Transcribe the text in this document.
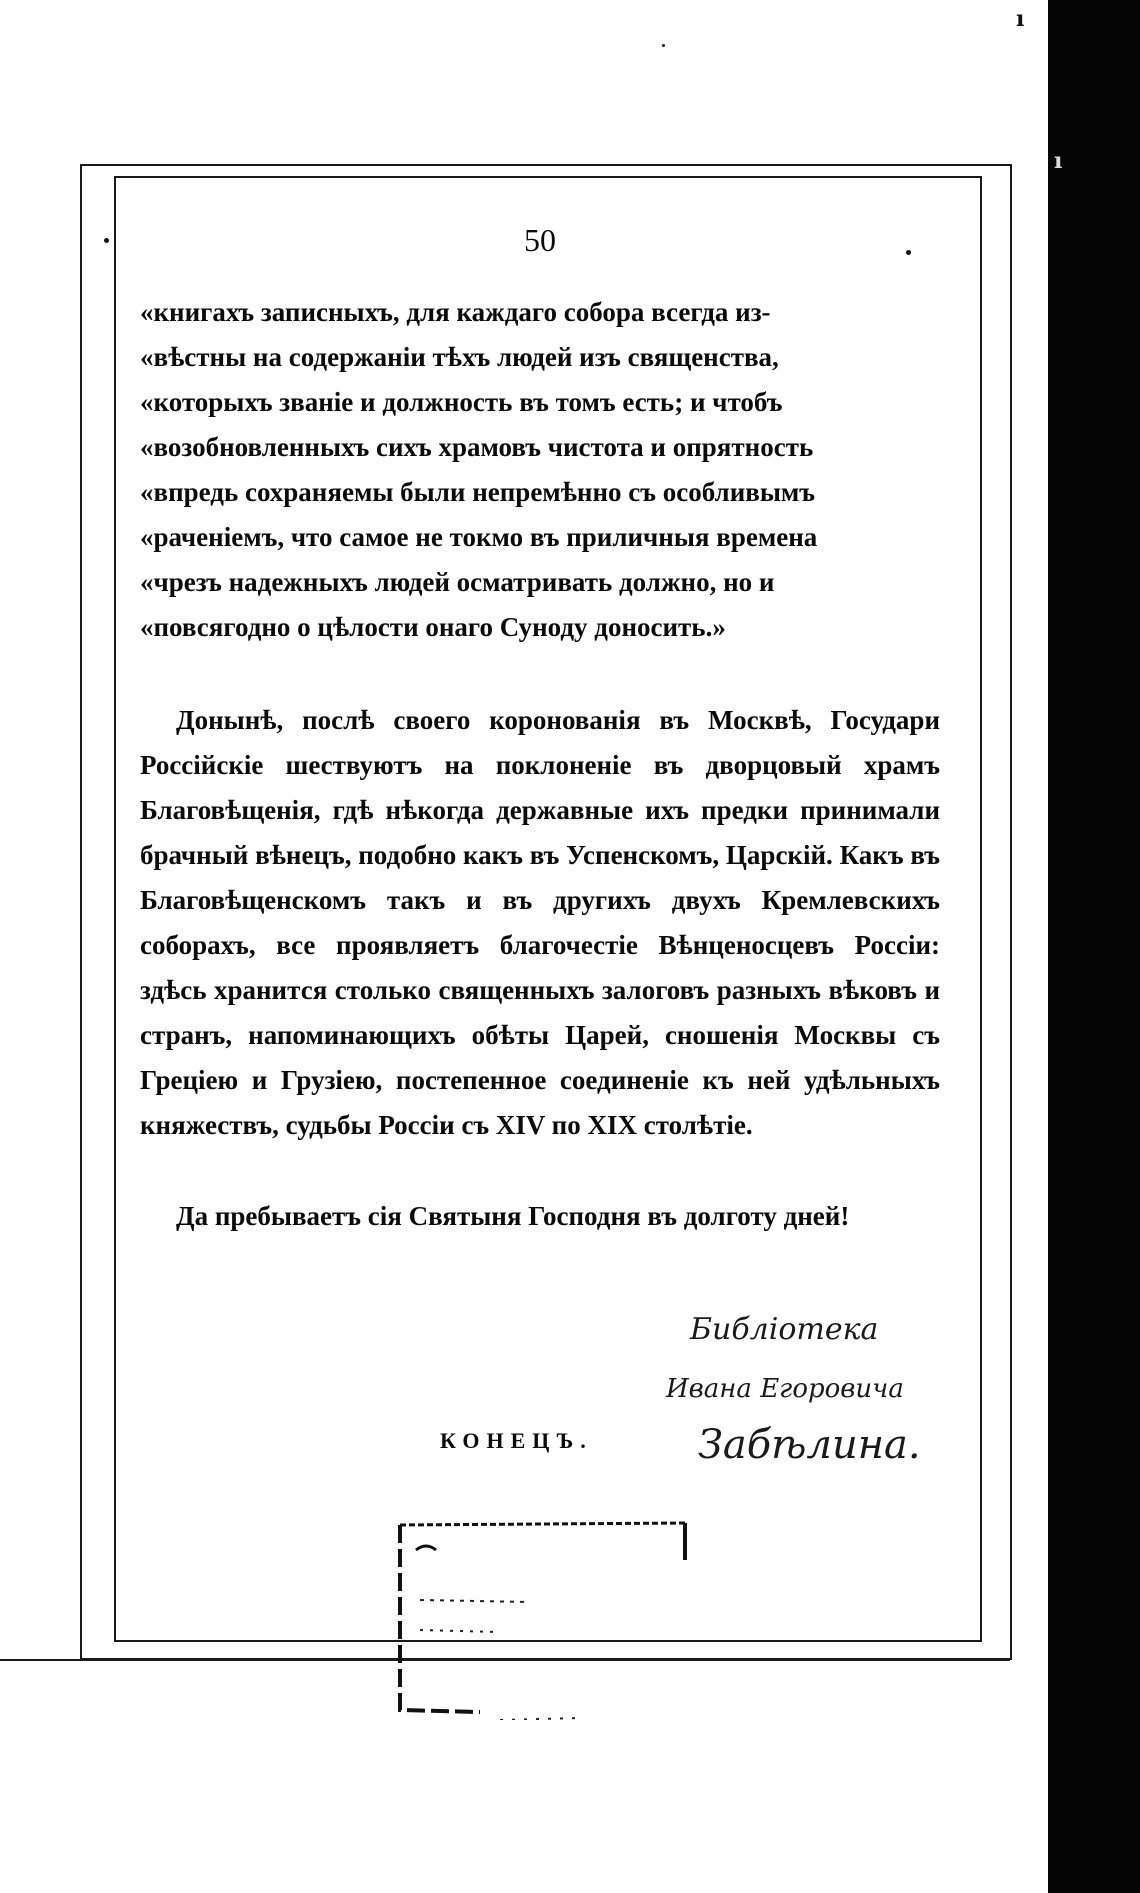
ı
ı
50

«книгахъ записныхъ, для каждаго собора всегда из-
«вѣстны на содержаніи тѣхъ людей изъ священства,
«которыхъ званіе и должность въ томъ есть; и чтобъ
«возобновленныхъ сихъ храмовъ чистота и опрятность
«впредь сохраняемы были непремѣнно съ особливымъ
«раченіемъ, что самое не токмо въ приличныя времена
«чрезъ надежныхъ людей осматривать должно, но и
«повсягодно о цѣлости онаго Суноду доносить.»

Донынѣ, послѣ своего коронованія въ Москвѣ, Государи Россійскіе шествуютъ на поклоненіе въ дворцовый храмъ Благовѣщенія, гдѣ нѣкогда державные ихъ предки принимали брачный вѣнецъ, подобно какъ въ Успенскомъ, Царскій. Какъ въ Благовѣщенскомъ такъ и въ другихъ двухъ Кремлевскихъ соборахъ, все проявляетъ благочестіе Вѣнценосцевъ Россіи: здѣсь хранится столько священныхъ залоговъ разныхъ вѣковъ и странъ, напоминающихъ обѣты Царей, сношенія Москвы съ Греціею и Грузіею, постепенное соединеніе къ ней удѣльныхъ княжествъ, судьбы Россіи съ XIV по XIX столѣтіе.

Да пребываетъ сія Святыня Господня въ долготу дней!

КОНЕЦЪ.
Библіотека
Ивана Егоровича
Забѣлина.
